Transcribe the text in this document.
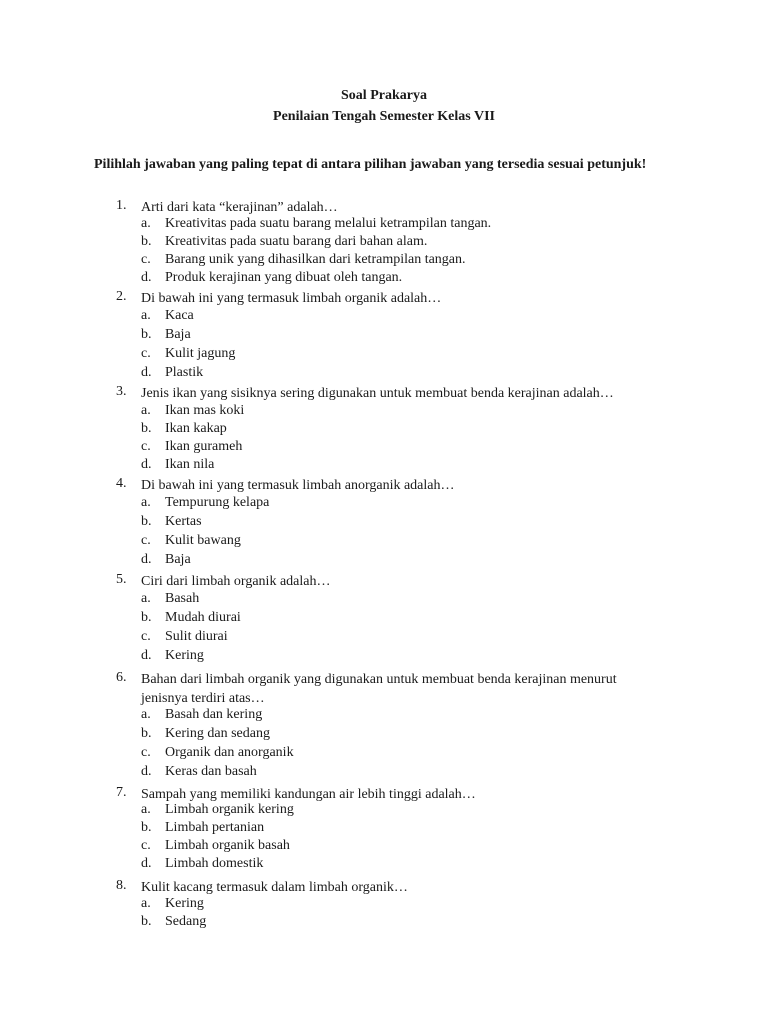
Soal Prakarya
Penilaian Tengah Semester Kelas VII

Pilihlah jawaban yang paling tepat di antara pilihan jawaban yang tersedia sesuai petunjuk!

1. Arti dari kata “kerajinan” adalah…
a. Kreativitas pada suatu barang melalui ketrampilan tangan.
b. Kreativitas pada suatu barang dari bahan alam.
c. Barang unik yang dihasilkan dari ketrampilan tangan.
d. Produk kerajinan yang dibuat oleh tangan.
2. Di bawah ini yang termasuk limbah organik adalah…
a. Kaca
b. Baja
c. Kulit jagung
d. Plastik
3. Jenis ikan yang sisiknya sering digunakan untuk membuat benda kerajinan adalah…
a. Ikan mas koki
b. Ikan kakap
c. Ikan gurameh
d. Ikan nila
4. Di bawah ini yang termasuk limbah anorganik adalah…
a. Tempurung kelapa
b. Kertas
c. Kulit bawang
d. Baja
5. Ciri dari limbah organik adalah…
a. Basah
b. Mudah diurai
c. Sulit diurai
d. Kering
6. Bahan dari limbah organik yang digunakan untuk membuat benda kerajinan menurut jenisnya terdiri atas…
a. Basah dan kering
b. Kering dan sedang
c. Organik dan anorganik
d. Keras dan basah
7. Sampah yang memiliki kandungan air lebih tinggi adalah…
a. Limbah organik kering
b. Limbah pertanian
c. Limbah organik basah
d. Limbah domestik
8. Kulit kacang termasuk dalam limbah organik…
a. Kering
b. Sedang
